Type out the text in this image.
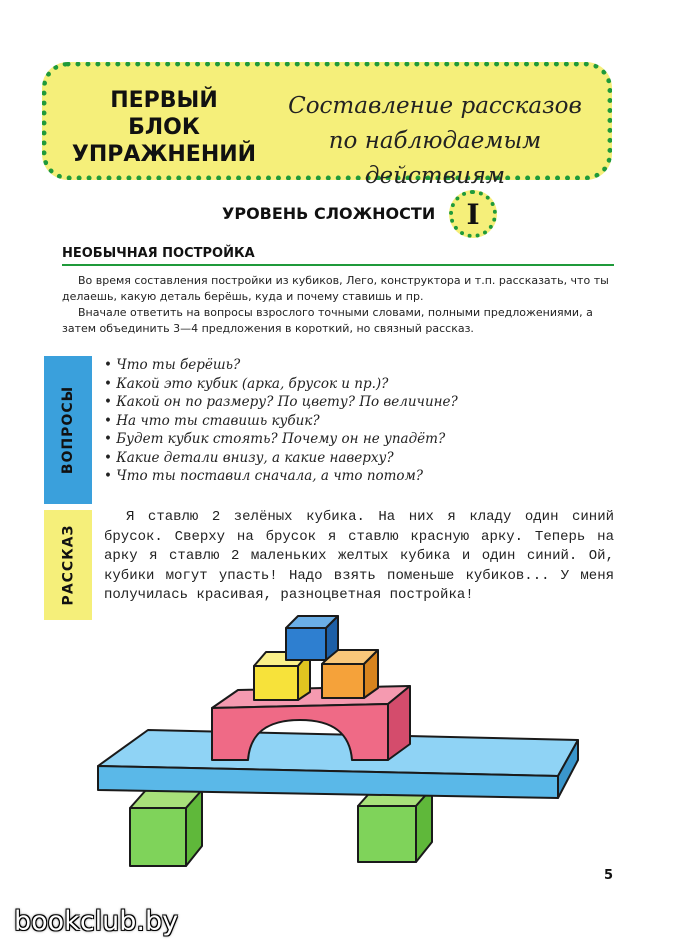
ПЕРВЫЙ
БЛОК
УПРАЖНЕНИЙ
Составление рассказов
по наблюдаемым действиям
УРОВЕНЬ СЛОЖНОСТИ	I
НЕОБЫЧНАЯ ПОСТРОЙКА

Во время составления постройки из кубиков, Лего, конструктора и т.п. рассказать, что ты делаешь, какую деталь берёшь, куда и почему ставишь и пр.

Вначале ответить на вопросы взрослого точными словами, полными предложениями, а затем объединить 3—4 предложения в короткий, но связный рассказ.

ВОПРОСЫ
РАССКАЗ
• Что ты берёшь?
• Какой это кубик (арка, брусок и пр.)?
• Какой он по размеру? По цвету? По величине?
• На что ты ставишь кубик?
• Будет кубик стоять? Почему он не упадёт?
• Какие детали внизу, а какие наверху?
• Что ты поставил сначала, а что потом?

Я ставлю 2 зелёных кубика. На них я кладу один синий брусок. Сверху на брусок я ставлю красную арку. Теперь на арку я ставлю 2 маленьких желтых кубика и один синий. Ой, кубики могут упасть! Надо взять поменьше кубиков... У меня получилась красивая, разноцветная постройка!

5
bookclub.by
